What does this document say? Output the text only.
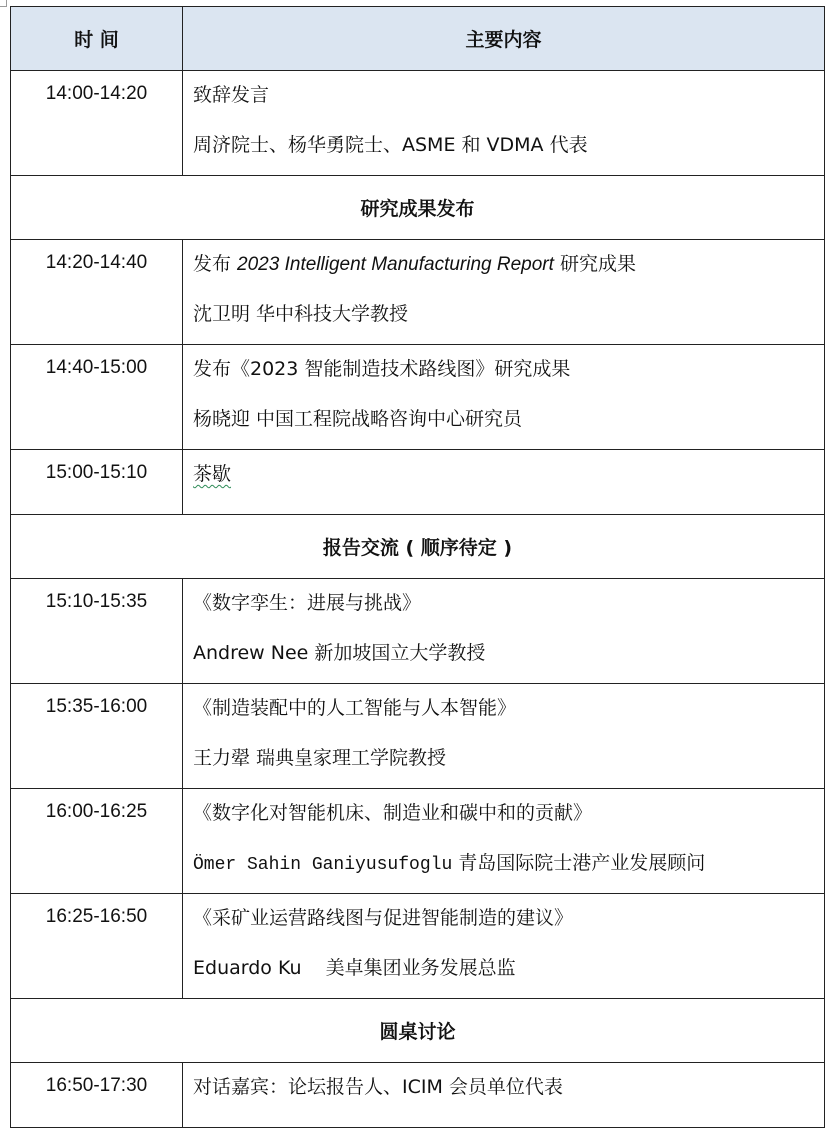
时 间	主要内容
14:00-14:20	致辞发言
周济院士、杨华勇院士、ASME 和 VDMA 代表

研究成果发布	
14:20-14:40	发布 2023 Intelligent Manufacturing Report 研究成果
沈卫明 华中科技大学教授

14:40-15:00	发布《2023 智能制造技术路线图》研究成果
杨晓迎 中国工程院战略咨询中心研究员

15:00-15:10	茶歇

报告交流 ( 顺序待定 )	
15:10-15:35	《数字孪生：进展与挑战》
Andrew Nee 新加坡国立大学教授

15:35-16:00	《制造装配中的人工智能与人本智能》
王力翚 瑞典皇家理工学院教授

16:00-16:25	《数字化对智能机床、制造业和碳中和的贡献》
Ömer Sahin Ganiyusufoglu 青岛国际院士港产业发展顾问

16:25-16:50	《采矿业运营路线图与促进智能制造的建议》
Eduardo Ku    美卓集团业务发展总监

圆桌讨论	
16:50-17:30	对话嘉宾：论坛报告人、ICIM 会员单位代表
